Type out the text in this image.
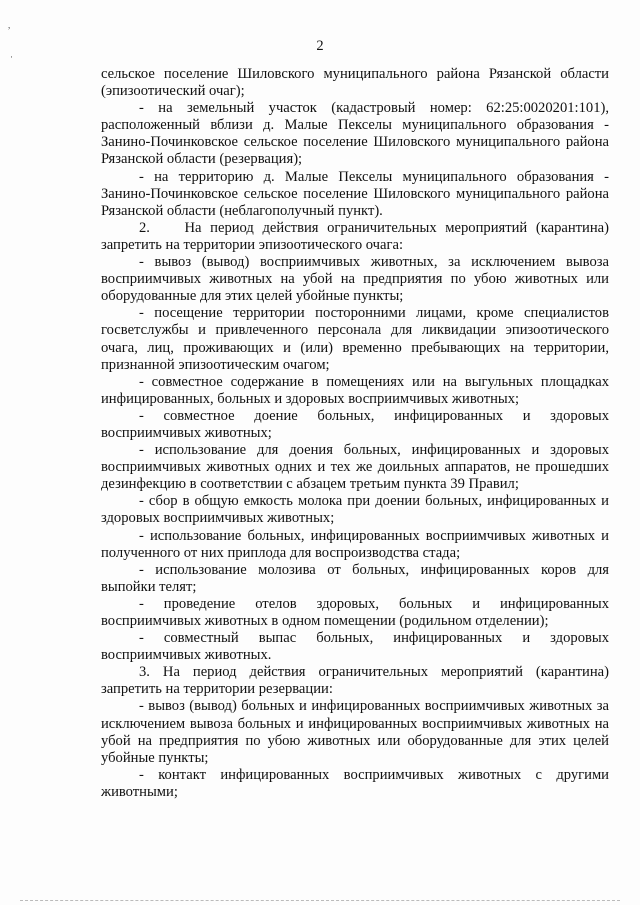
,
·
2

сельское поселение Шиловского муниципального района Рязанской области (эпизоотический очаг);

- на земельный участок (кадастровый номер: 62:25:0020201:101), расположенный вблизи д. Малые Пекселы муниципального образования - Занино-Починковское сельское поселение Шиловского муниципального района Рязанской области (резервация);

- на территорию д. Малые Пекселы муниципального образования - Занино-Починковское сельское поселение Шиловского муниципального района Рязанской области (неблагополучный пункт).

2.    На период действия ограничительных мероприятий (карантина) запретить на территории эпизоотического очага:

- вывоз (вывод) восприимчивых животных, за исключением вывоза восприимчивых животных на убой на предприятия по убою животных или оборудованные для этих целей убойные пункты;

- посещение территории посторонними лицами, кроме специалистов госветслужбы и привлеченного персонала для ликвидации эпизоотического очага, лиц, проживающих и (или) временно пребывающих на территории, признанной эпизоотическим очагом;

- совместное содержание в помещениях или на выгульных площадках инфицированных, больных и здоровых восприимчивых животных;

- совместное доение больных, инфицированных и здоровых восприимчивых животных;

- использование для доения больных, инфицированных и здоровых восприимчивых животных одних и тех же доильных аппаратов, не прошедших дезинфекцию в соответствии с абзацем третьим пункта 39 Правил;

- сбор в общую емкость молока при доении больных, инфицированных и здоровых восприимчивых животных;

- использование больных, инфицированных восприимчивых животных и полученного от них приплода для воспроизводства стада;

- использование молозива от больных, инфицированных коров для выпойки телят;

- проведение отелов здоровых, больных и инфицированных восприимчивых животных в одном помещении (родильном отделении);

- совместный выпас больных, инфицированных и здоровых восприимчивых животных.

3. На период действия ограничительных мероприятий (карантина) запретить на территории резервации:

- вывоз (вывод) больных и инфицированных восприимчивых животных за исключением вывоза больных и инфицированных восприимчивых животных на убой на предприятия по убою животных или оборудованные для этих целей убойные пункты;

- контакт инфицированных восприимчивых животных с другими животными;
